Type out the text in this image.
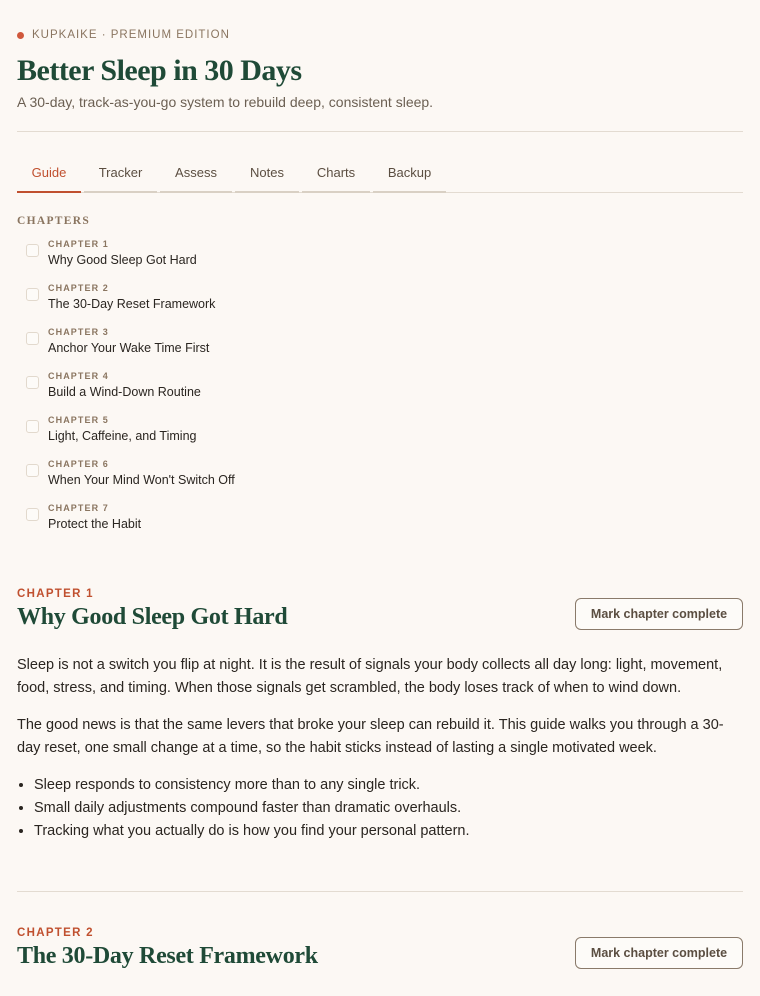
KUPKAIKE · PREMIUM EDITION
Better Sleep in 30 Days
A 30-day, track-as-you-go system to rebuild deep, consistent sleep.
Guide	Tracker	Assess	Notes	Charts	Backup
CHAPTERS
CHAPTER 1
Why Good Sleep Got Hard
CHAPTER 2
The 30-Day Reset Framework
CHAPTER 3
Anchor Your Wake Time First
CHAPTER 4
Build a Wind-Down Routine
CHAPTER 5
Light, Caffeine, and Timing
CHAPTER 6
When Your Mind Won't Switch Off
CHAPTER 7
Protect the Habit
CHAPTER 1
Why Good Sleep Got Hard	Mark chapter complete

Sleep is not a switch you flip at night. It is the result of signals your body collects all day long: light, movement, food, stress, and timing. When those signals get scrambled, the body loses track of when to wind down.

The good news is that the same levers that broke your sleep can rebuild it. This guide walks you through a 30-day reset, one small change at a time, so the habit sticks instead of lasting a single motivated week.

• Sleep responds to consistency more than to any single trick.
• Small daily adjustments compound faster than dramatic overhauls.
• Tracking what you actually do is how you find your personal pattern.
CHAPTER 2
The 30-Day Reset Framework	Mark chapter complete
